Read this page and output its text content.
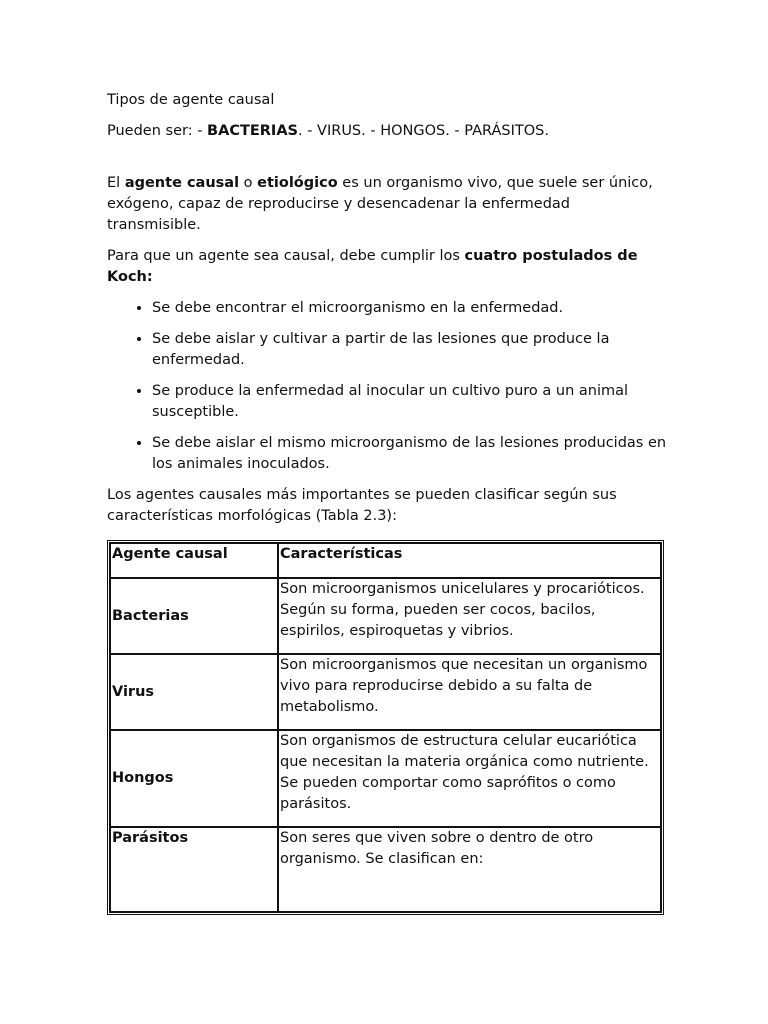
Tipos de agente causal

Pueden ser: - BACTERIAS. - VIRUS. - HONGOS. - PARÁSITOS.

El agente causal o etiológico es un organismo vivo, que suele ser único, exógeno, capaz de reproducirse y desencadenar la enfermedad transmisible.

Para que un agente sea causal, debe cumplir los cuatro postulados de Koch:

• Se debe encontrar el microorganismo en la enfermedad.
• Se debe aislar y cultivar a partir de las lesiones que produce la enfermedad.
• Se produce la enfermedad al inocular un cultivo puro a un animal susceptible.
• Se debe aislar el mismo microorganismo de las lesiones producidas en los animales inoculados.

Los agentes causales más importantes se pueden clasificar según sus características morfológicas (Tabla 2.3):

Agente causal	Características
Bacterias	Son microorganismos unicelulares y procarióticos. Según su forma, pueden ser cocos, bacilos, espirilos, espiroquetas y vibrios.
Virus	Son microorganismos que necesitan un organismo vivo para reproducirse debido a su falta de metabolismo.
Hongos	Son organismos de estructura celular eucariótica que necesitan la materia orgánica como nutriente. Se pueden comportar como saprófitos o como parásitos.
Parásitos	Son seres que viven sobre o dentro de otro organismo. Se clasifican en:
